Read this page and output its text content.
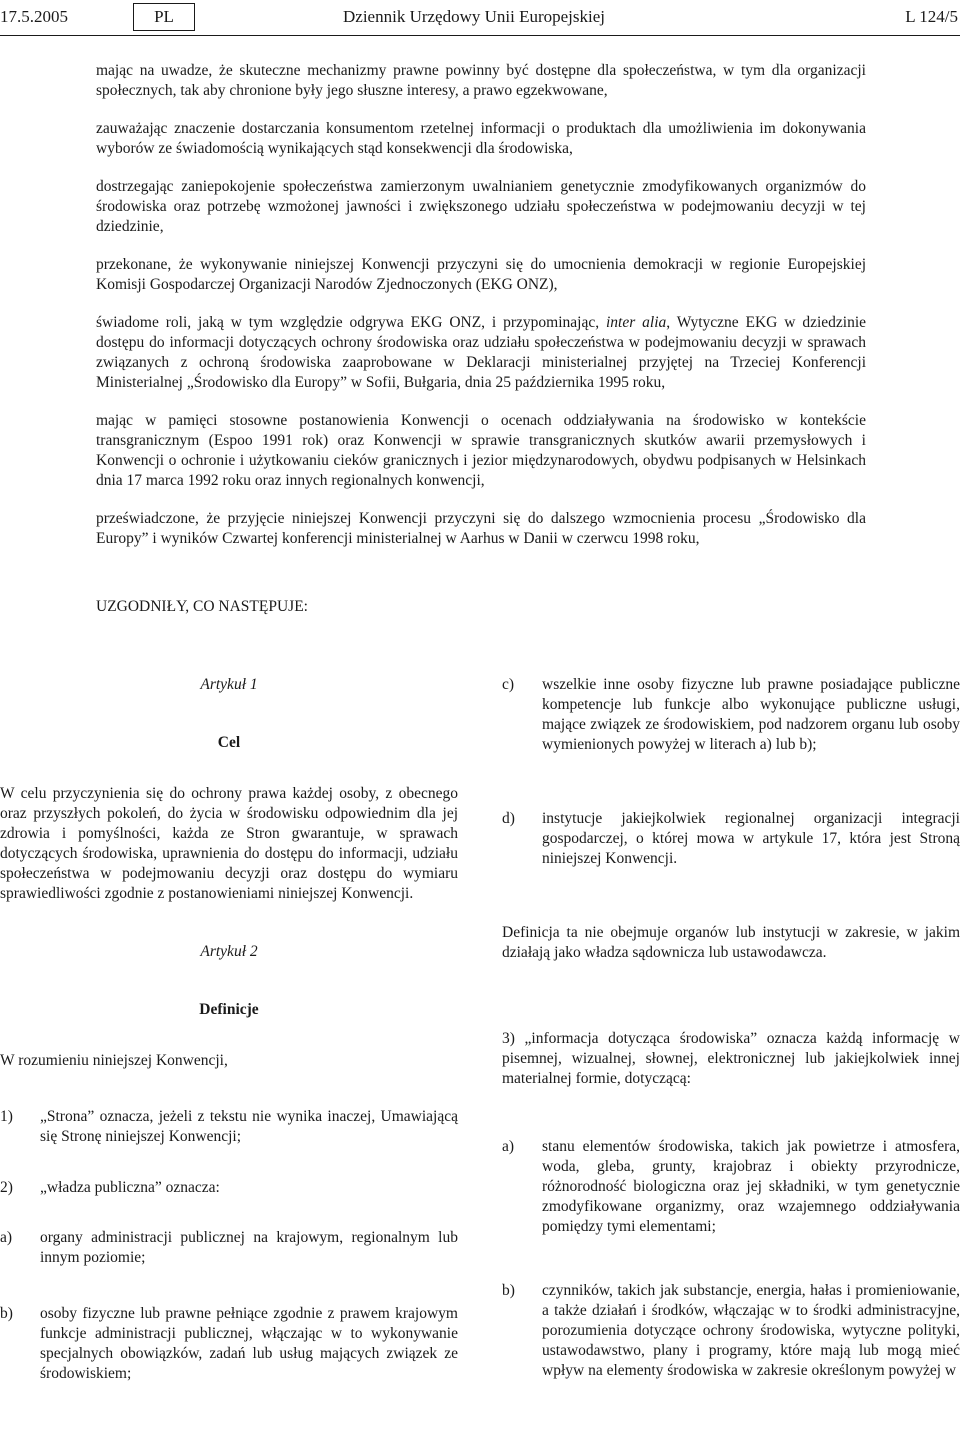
17.5.2005	PL	Dziennik Urzędowy Unii Europejskiej	L 124/5

mając na uwadze, że skuteczne mechanizmy prawne powinny być dostępne dla społeczeństwa, w tym dla organizacji społecznych, tak aby chronione były jego słuszne interesy, a prawo egzekwowane,

zauważając znaczenie dostarczania konsumentom rzetelnej informacji o produktach dla umożliwienia im dokonywania wyborów ze świadomością wynikających stąd konsekwencji dla środowiska,

dostrzegając zaniepokojenie społeczeństwa zamierzonym uwalnianiem genetycznie zmodyfikowanych organizmów do środowiska oraz potrzebę wzmożonej jawności i zwiększonego udziału społeczeństwa w podejmowaniu decyzji w tej dziedzinie,

przekonane, że wykonywanie niniejszej Konwencji przyczyni się do umocnienia demokracji w regionie Europejskiej Komisji Gospodarczej Organizacji Narodów Zjednoczonych (EKG ONZ),

świadome roli, jaką w tym względzie odgrywa EKG ONZ, i przypominając, inter alia, Wytyczne EKG w dziedzinie dostępu do informacji dotyczących ochrony środowiska oraz udziału społeczeństwa w podejmowaniu decyzji w sprawach związanych z ochroną środowiska zaaprobowane w Deklaracji ministerialnej przyjętej na Trzeciej Konferencji Ministerialnej „Środowisko dla Europy” w Sofii, Bułgaria, dnia 25 października 1995 roku,

mając w pamięci stosowne postanowienia Konwencji o ocenach oddziaływania na środowisko w kontekście transgranicznym (Espoo 1991 rok) oraz Konwencji w sprawie transgranicznych skutków awarii przemysłowych i Konwencji o ochronie i użytkowaniu cieków granicznych i jezior międzynarodowych, obydwu podpisanych w Helsinkach dnia 17 marca 1992 roku oraz innych regionalnych konwencji,

przeświadczone, że przyjęcie niniejszej Konwencji przyczyni się do dalszego wzmocnienia procesu „Środowisko dla Europy” i wyników Czwartej konferencji ministerialnej w Aarhus w Danii w czerwcu 1998 roku,

UZGODNIŁY, CO NASTĘPUJE:

Artykuł 1

Cel

W celu przyczynienia się do ochrony prawa każdej osoby, z obecnego oraz przyszłych pokoleń, do życia w środowisku odpowiednim dla jej zdrowia i pomyślności, każda ze Stron gwarantuje, w sprawach dotyczących środowiska, uprawnienia do dostępu do informacji, udziału społeczeństwa w podejmowaniu decyzji oraz dostępu do wymiaru sprawiedliwości zgodnie z postanowieniami niniejszej Konwencji.

Artykuł 2

Definicje

W rozumieniu niniejszej Konwencji,

1) „Strona” oznacza, jeżeli z tekstu nie wynika inaczej, Umawiającą się Stronę niniejszej Konwencji;
2) „władza publiczna” oznacza:
a) organy administracji publicznej na krajowym, regionalnym lub innym poziomie;
b) osoby fizyczne lub prawne pełniące zgodnie z prawem krajowym funkcje administracji publicznej, włączając w to wykonywanie specjalnych obowiązków, zadań lub usług mających związek ze środowiskiem;
c) wszelkie inne osoby fizyczne lub prawne posiadające publiczne kompetencje lub funkcje albo wykonujące publiczne usługi, mające związek ze środowiskiem, pod nadzorem organu lub osoby wymienionych powyżej w literach a) lub b);
d) instytucje jakiejkolwiek regionalnej organizacji integracji gospodarczej, o której mowa w artykule 17, która jest Stroną niniejszej Konwencji.

Definicja ta nie obejmuje organów lub instytucji w zakresie, w jakim działają jako władza sądownicza lub ustawodawcza.

3) „informacja dotycząca środowiska” oznacza każdą informację w pisemnej, wizualnej, słownej, elektronicznej lub jakiejkolwiek innej materialnej formie, dotyczącą:

a) stanu elementów środowiska, takich jak powietrze i atmosfera, woda, gleba, grunty, krajobraz i obiekty przyrodnicze, różnorodność biologiczna oraz jej składniki, w tym genetycznie zmodyfikowane organizmy, oraz wzajemnego oddziaływania pomiędzy tymi elementami;
b) czynników, takich jak substancje, energia, hałas i promieniowanie, a także działań i środków, włączając w to środki administracyjne, porozumienia dotyczące ochrony środowiska, wytyczne polityki, ustawodawstwo, plany i programy, które mają lub mogą mieć wpływ na elementy środowiska w zakresie określonym powyżej w
